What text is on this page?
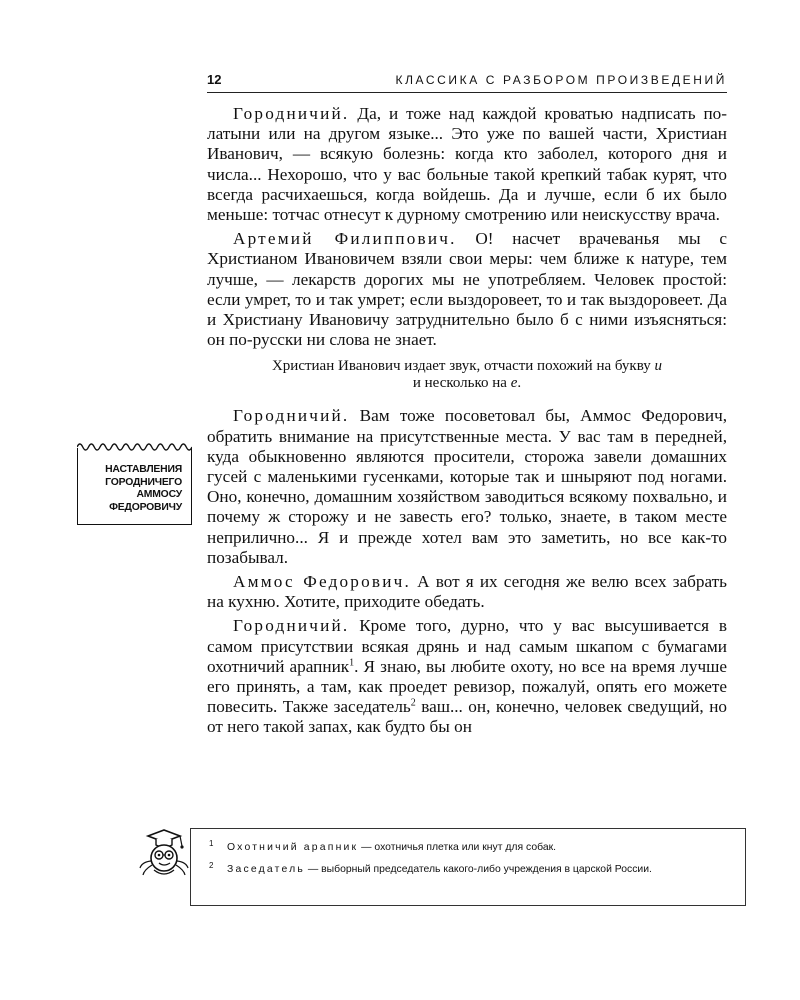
12	КЛАССИКА С РАЗБОРОМ ПРОИЗВЕДЕНИЙ

Городничий. Да, и тоже над каждой кроватью надписать по-латыни или на другом языке... Это уже по вашей части, Христиан Иванович, — всякую болезнь: когда кто заболел, которого дня и числа... Нехорошо, что у вас больные такой крепкий табак курят, что всегда расчихаешься, когда войдешь. Да и лучше, если б их было меньше: тотчас отнесут к дурному смотрению или неискусству врача.

Артемий Филиппович. О! насчет врачеванья мы с Христианом Ивановичем взяли свои меры: чем ближе к натуре, тем лучше, — лекарств дорогих мы не употребляем. Человек простой: если умрет, то и так умрет; если выздоровеет, то и так выздоровеет. Да и Христиану Ивановичу затруднительно было б с ними изъясняться: он по-русски ни слова не знает.

Христиан Иванович издает звук, отчасти похожий на букву и
и несколько на е.

Городничий. Вам тоже посоветовал бы, Аммос Федорович, обратить внимание на присутственные места. У вас там в передней, куда обыкновенно являются просители, сторожа завели домашних гусей с маленькими гусенками, которые так и шныряют под ногами. Оно, конечно, домашним хозяйством заводиться всякому похвально, и почему ж сторожу и не завесть его? только, знаете, в таком месте неприлично... Я и прежде хотел вам это заметить, но все как-то позабывал.

Аммос Федорович. А вот я их сегодня же велю всех забрать на кухню. Хотите, приходите обедать.

Городничий. Кроме того, дурно, что у вас высушивается в самом присутствии всякая дрянь и над самым шкапом с бумагами охотничий арапник$^1$. Я знаю, вы любите охоту, но все на время лучше его принять, а там, как проедет ревизор, пожалуй, опять его можете повесить. Также заседатель$^2$ ваш... он, конечно, человек сведущий, но от него такой запах, как будто бы он

НАСТАВЛЕНИЯ
ГОРОДНИЧЕГО
АММОСУ
ФЕДОРОВИЧУ
1 Охотничий арапник — охотничья плетка или кнут для собак.
2 Заседатель — выборный председатель какого-либо учреждения в царской России.
